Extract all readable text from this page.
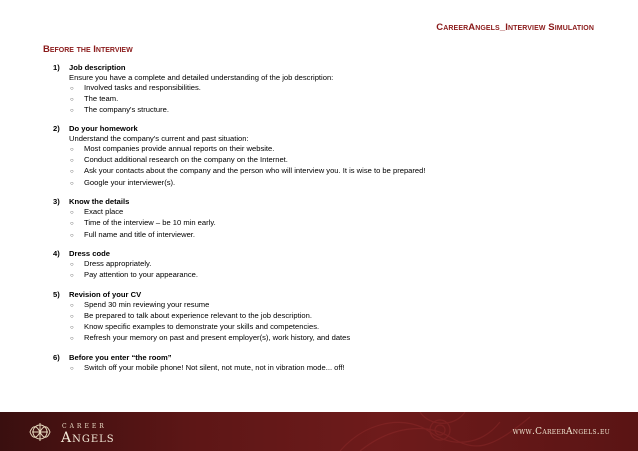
CareerAngels_Interview Simulation
Before the Interview
1)	Job description
Ensure you have a complete and detailed understanding of the job description:
○	Involved tasks and responsibilities.
○	The team.
○	The company's structure.
2)	Do your homework
Understand the company's current and past situation:
○	Most companies provide annual reports on their website.
○	Conduct additional research on the company on the Internet.
○	Ask your contacts about the company and the person who will interview you. It is wise to be prepared!
○	Google your interviewer(s).
3)	Know the details
○	Exact place
○	Time of the interview – be 10 min early.
○	Full name and title of interviewer.
4)	Dress code
○	Dress appropriately.
○	Pay attention to your appearance.
5)	Revision of your CV
○	Spend 30 min reviewing your resume
○	Be prepared to talk about experience relevant to the job description.
○	Know specific examples to demonstrate your skills and competencies.
○	Refresh your memory on past and present employer(s), work history, and dates
6)	Before you enter “the room”
○	Switch off your mobile phone! Not silent, not mute, not in vibration mode... off!
CAREER
Angels	www.CareerAngels.eu
